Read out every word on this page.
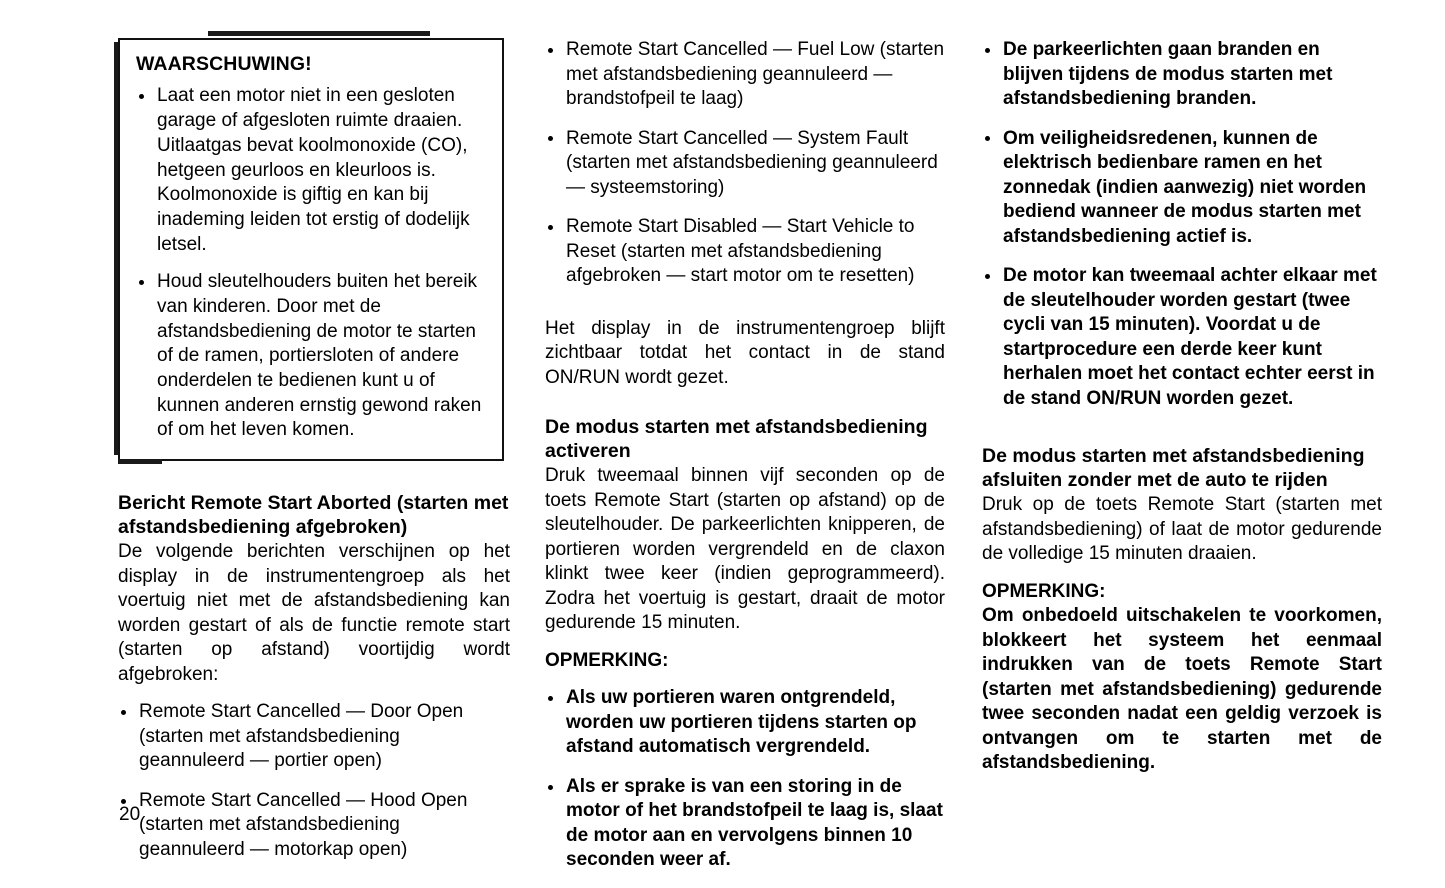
WAARSCHUWING!
Laat een motor niet in een gesloten garage of afgesloten ruimte draaien. Uitlaatgas bevat koolmonoxide (CO), hetgeen geurloos en kleurloos is. Koolmonoxide is giftig en kan bij inademing leiden tot erstig of dodelijk letsel.
Houd sleutelhouders buiten het bereik van kinderen. Door met de afstandsbediening de motor te starten of de ramen, portiersloten of andere onderdelen te bedienen kunt u of kunnen anderen ernstig gewond raken of om het leven komen.
Bericht Remote Start Aborted (starten met afstandsbediening afgebroken)

De volgende berichten verschijnen op het display in de instrumentengroep als het voertuig niet met de afstandsbediening kan worden gestart of als de functie remote start (starten op afstand) voortijdig wordt afgebroken:

Remote Start Cancelled — Door Open (starten met afstandsbediening geannuleerd — portier open)
Remote Start Cancelled — Hood Open (starten met afstandsbediening geannuleerd — motorkap open)
Remote Start Cancelled — Fuel Low (starten met afstandsbediening geannuleerd — brandstofpeil te laag)
Remote Start Cancelled — System Fault (starten met afstandsbediening geannuleerd — systeemstoring)
Remote Start Disabled — Start Vehicle to Reset (starten met afstandsbediening afgebroken — start motor om te resetten)

Het display in de instrumentengroep blijft zichtbaar totdat het contact in de stand ON/RUN wordt gezet.

De modus starten met afstandsbediening activeren

Druk tweemaal binnen vijf seconden op de toets Remote Start (starten op afstand) op de sleutelhouder. De parkeerlichten knipperen, de portieren worden vergrendeld en de claxon klinkt twee keer (indien geprogrammeerd). Zodra het voertuig is gestart, draait de motor gedurende 15 minuten.

OPMERKING:

Als uw portieren waren ontgrendeld, worden uw portieren tijdens starten op afstand automatisch vergrendeld.
Als er sprake is van een storing in de motor of het brandstofpeil te laag is, slaat de motor aan en vervolgens binnen 10 seconden weer af.
De parkeerlichten gaan branden en blijven tijdens de modus starten met afstandsbediening branden.
Om veiligheidsredenen, kunnen de elektrisch bedienbare ramen en het zonnedak (indien aanwezig) niet worden bediend wanneer de modus starten met afstandsbediening actief is.
De motor kan tweemaal achter elkaar met de sleutelhouder worden gestart (twee cycli van 15 minuten). Voordat u de startprocedure een derde keer kunt herhalen moet het contact echter eerst in de stand ON/RUN worden gezet.
De modus starten met afstandsbediening afsluiten zonder met de auto te rijden

Druk op de toets Remote Start (starten met afstandsbediening) of laat de motor gedurende de volledige 15 minuten draaien.

OPMERKING:

Om onbedoeld uitschakelen te voorkomen, blokkeert het systeem het eenmaal indrukken van de toets Remote Start (starten met afstandsbediening) gedurende twee seconden nadat een geldig verzoek is ontvangen om te starten met de afstandsbediening.

20
